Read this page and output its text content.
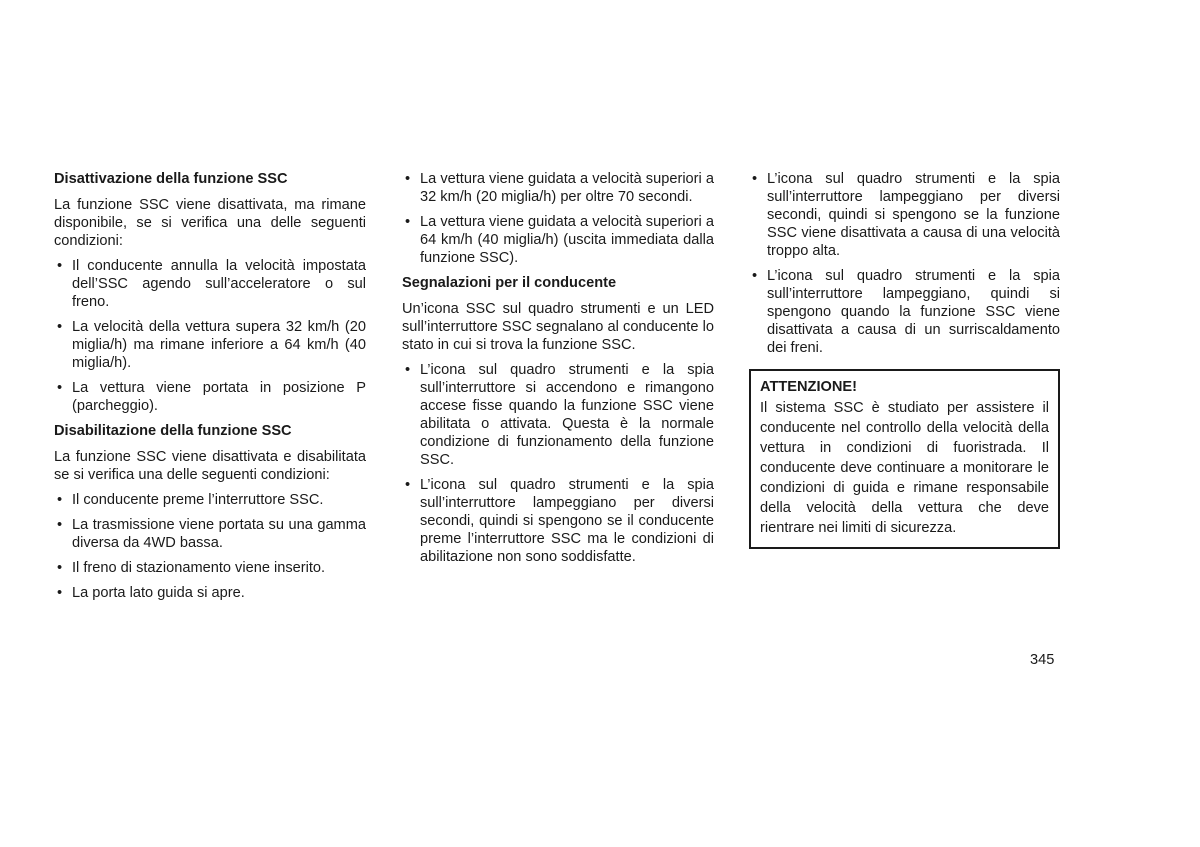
Disattivazione della funzione SSC

La funzione SSC viene disattivata, ma rimane disponibile, se si verifica una delle seguenti condizioni:

• Il conducente annulla la velocità impostata dell’SSC agendo sull’acceleratore o sul freno.
• La velocità della vettura supera 32 km/h (20 miglia/h) ma rimane inferiore a 64 km/h (40 miglia/h).
• La vettura viene portata in posizione P (parcheggio).
Disabilitazione della funzione SSC

La funzione SSC viene disattivata e disabilitata se si verifica una delle seguenti condizioni:

• Il conducente preme l’interruttore SSC.
• La trasmissione viene portata su una gamma diversa da 4WD bassa.
• Il freno di stazionamento viene inserito.
• La porta lato guida si apre.
• La vettura viene guidata a velocità superiori a 32 km/h (20 miglia/h) per oltre 70 secondi.
• La vettura viene guidata a velocità superiori a 64 km/h (40 miglia/h) (uscita immediata dalla funzione SSC).
Segnalazioni per il conducente

Un’icona SSC sul quadro strumenti e un LED sull’interruttore SSC segnalano al conducente lo stato in cui si trova la funzione SSC.

• L’icona sul quadro strumenti e la spia sull’interruttore si accendono e rimangono accese fisse quando la funzione SSC viene abilitata o attivata. Questa è la normale condizione di funzionamento della funzione SSC.
• L’icona sul quadro strumenti e la spia sull’interruttore lampeggiano per diversi secondi, quindi si spengono se il conducente preme l’interruttore SSC ma le condizioni di abilitazione non sono soddisfatte.
• L’icona sul quadro strumenti e la spia sull’interruttore lampeggiano per diversi secondi, quindi si spengono se la funzione SSC viene disattivata a causa di una velocità troppo alta.
• L’icona sul quadro strumenti e la spia sull’interruttore lampeggiano, quindi si spengono quando la funzione SSC viene disattivata a causa di un surriscaldamento dei freni.
ATTENZIONE!
Il sistema SSC è studiato per assistere il conducente nel controllo della velocità della vettura in condizioni di fuoristrada. Il conducente deve continuare a monitorare le condizioni di guida e rimane responsabile della velocità della vettura che deve rientrare nei limiti di sicurezza.
345
